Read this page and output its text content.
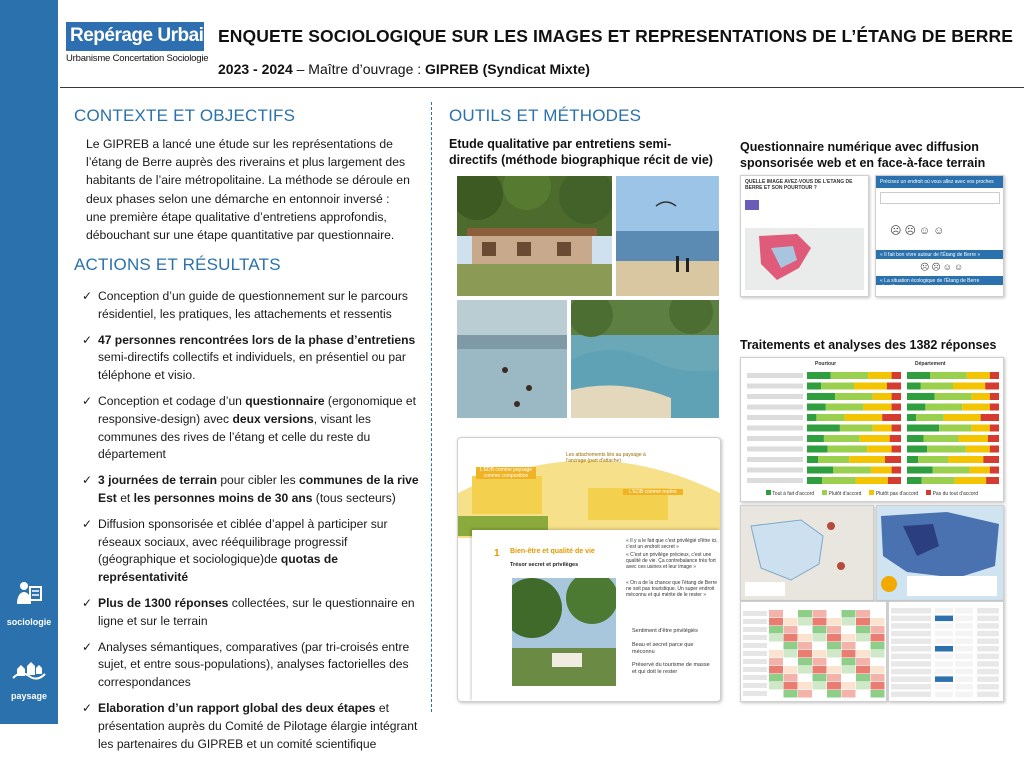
sociologie
paysage
Repérage Urbain
Urbanisme Concertation Sociologie
ENQUETE SOCIOLOGIQUE SUR LES IMAGES ET REPRESENTATIONS DE L’ÉTANG DE BERRE
2023 - 2024 – Maître d’ouvrage : GIPREB (Syndicat Mixte)
CONTEXTE ET OBJECTIFS
Le GIPREB a lancé une étude sur les représentations de l’étang de Berre auprès des riverains et plus largement des habitants de l’aire métropolitaine. La méthode se déroule en deux phases selon une démarche en entonnoir inversé : une première étape qualitative d’entretiens approfondis, débouchant sur une étape quantitative par questionnaire.
ACTIONS ET RÉSULTATS
✓ Conception d’un guide de questionnement sur le parcours résidentiel, les pratiques, les attachements et ressentis
✓ 47 personnes rencontrées lors de la phase d’entretiens semi-directifs collectifs et individuels, en présentiel ou par téléphone et visio.
✓ Conception et codage d’un questionnaire (ergonomique et responsive-design) avec deux versions, visant les communes des rives de l’étang et celle du reste du département
✓ 3 journées de terrain pour cibler les communes de la rive Est et les personnes moins de 30 ans (tous secteurs)
✓ Diffusion sponsorisée et ciblée d’appel à participer sur réseaux sociaux, avec rééquilibrage progressif (géographique et sociologique)de quotas de représentativité
✓ Plus de 1300 réponses collectées, sur le questionnaire en ligne et sur le terrain
✓ Analyses sémantiques, comparatives (par tri-croisés entre sujet, et entre sous-populations), analyses factorielles des correspondances
✓ Elaboration d’un rapport global des deux étapes et présentation auprès du Comité de Pilotage élargie intégrant les partenaires du GIPREB et un comité scientifique
OUTILS ET MÉTHODES
Etude qualitative par entretiens semi-directifs (méthode biographique récit de vie)
Questionnaire numérique avec diffusion sponsorisée web et en face-à-face terrain
Les attachements liés au paysage à l'ancrage (part d'attache)
L'EDB comme paysage comme composition
L'EDB comme repère
1 Bien-être et qualité de vie
Trésor secret et privilèges
« Il y a le fait que c'est privilégié d'être ici, c'est un endroit secret »
« C'est un privilège précieux, c'est une qualité de vie. Ça contrebalance très fort avec ces usines et leur image »
« On a de la chance que l'étang de Berre ne soit pas touristique. Un super endroit méconnu et qui mérite de le rester »
Sentiment d'être privilégiés
Beau et secret parce que méconnu
Préservé du tourisme de masse et qui doit le rester
QUELLE IMAGE AVEZ-VOUS DE L'ETANG DE BERRE ET SON POURTOUR ?
Précisez un endroit où vous allez avec vos proches
☹☹☺☺
« Il fait bon vivre autour de l'Étang de Berre »
☹☹☺☺
« La situation écologique de l'Étang de Berre s'améliore »
Traitements et analyses des 1382 réponses
Pourtour	Département
Tout à fait d'accord	Plutôt d'accord	Plutôt pas d'accord	Pas du tout d'accord
